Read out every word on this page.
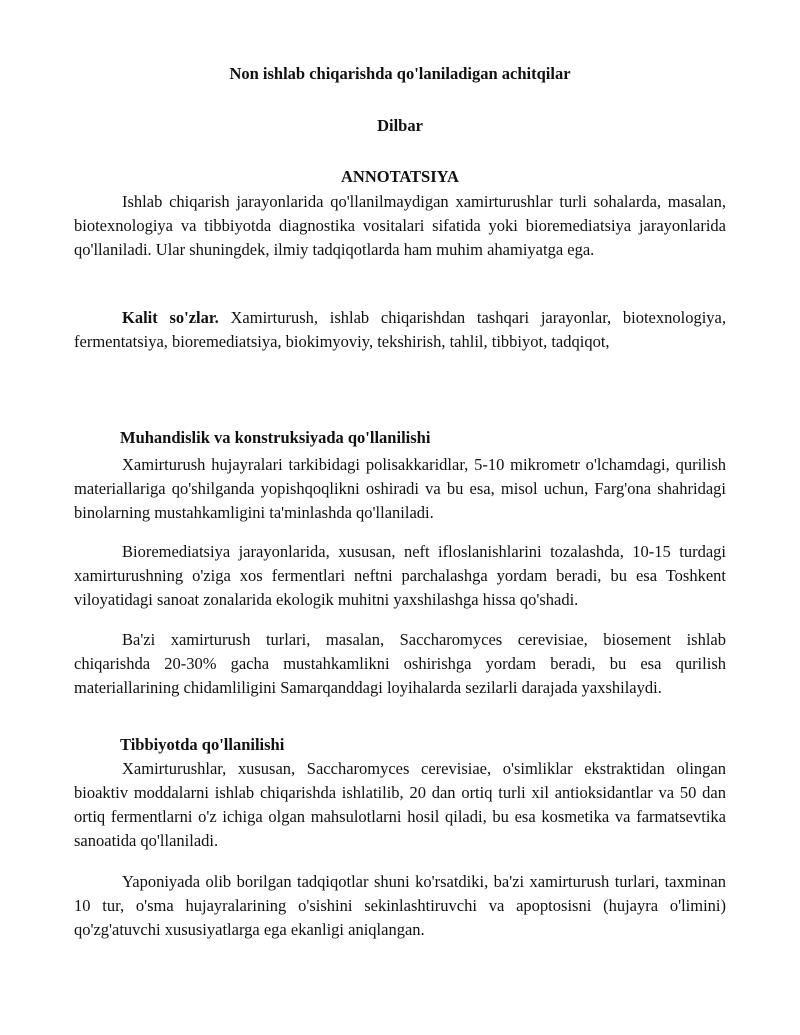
Non ishlab chiqarishda qo'laniladigan achitqilar
Dilbar
ANNOTATSIYA
Ishlab chiqarish jarayonlarida qo'llanilmaydigan xamirturushlar turli sohalarda, masalan, biotexnologiya va tibbiyotda diagnostika vositalari sifatida yoki bioremediatsiya jarayonlarida qo'llaniladi. Ular shuningdek, ilmiy tadqiqotlarda ham muhim ahamiyatga ega.
Kalit so'zlar. Xamirturush, ishlab chiqarishdan tashqari jarayonlar, biotexnologiya, fermentatsiya, bioremediatsiya, biokimyoviy, tekshirish, tahlil, tibbiyot, tadqiqot,
Muhandislik va konstruksiyada qo'llanilishi
Xamirturush hujayralari tarkibidagi polisakkaridlar, 5-10 mikrometr o'lchamdagi, qurilish materiallariga qo'shilganda yopishqoqlikni oshiradi va bu esa, misol uchun, Farg'ona shahridagi binolarning mustahkamligini ta'minlashda qo'llaniladi.
Bioremediatsiya jarayonlarida, xususan, neft ifloslanishlarini tozalashda, 10-15 turdagi xamirturushning o'ziga xos fermentlari neftni parchalashga yordam beradi, bu esa Toshkent viloyatidagi sanoat zonalarida ekologik muhitni yaxshilashga hissa qo'shadi.
Ba'zi xamirturush turlari, masalan, Saccharomyces cerevisiae, biosement ishlab chiqarishda 20-30% gacha mustahkamlikni oshirishga yordam beradi, bu esa qurilish materiallarining chidamliligini Samarqanddagi loyihalarda sezilarli darajada yaxshilaydi.
Tibbiyotda qo'llanilishi
Xamirturushlar, xususan, Saccharomyces cerevisiae, o'simliklar ekstraktidan olingan bioaktiv moddalarni ishlab chiqarishda ishlatilib, 20 dan ortiq turli xil antioksidantlar va 50 dan ortiq fermentlarni o'z ichiga olgan mahsulotlarni hosil qiladi, bu esa kosmetika va farmatsevtika sanoatida qo'llaniladi.
Yaponiyada olib borilgan tadqiqotlar shuni ko'rsatdiki, ba'zi xamirturush turlari, taxminan 10 tur, o'sma hujayralarining o'sishini sekinlashtiruvchi va apoptosisni (hujayra o'limini) qo'zg'atuvchi xususiyatlarga ega ekanligi aniqlangan.
